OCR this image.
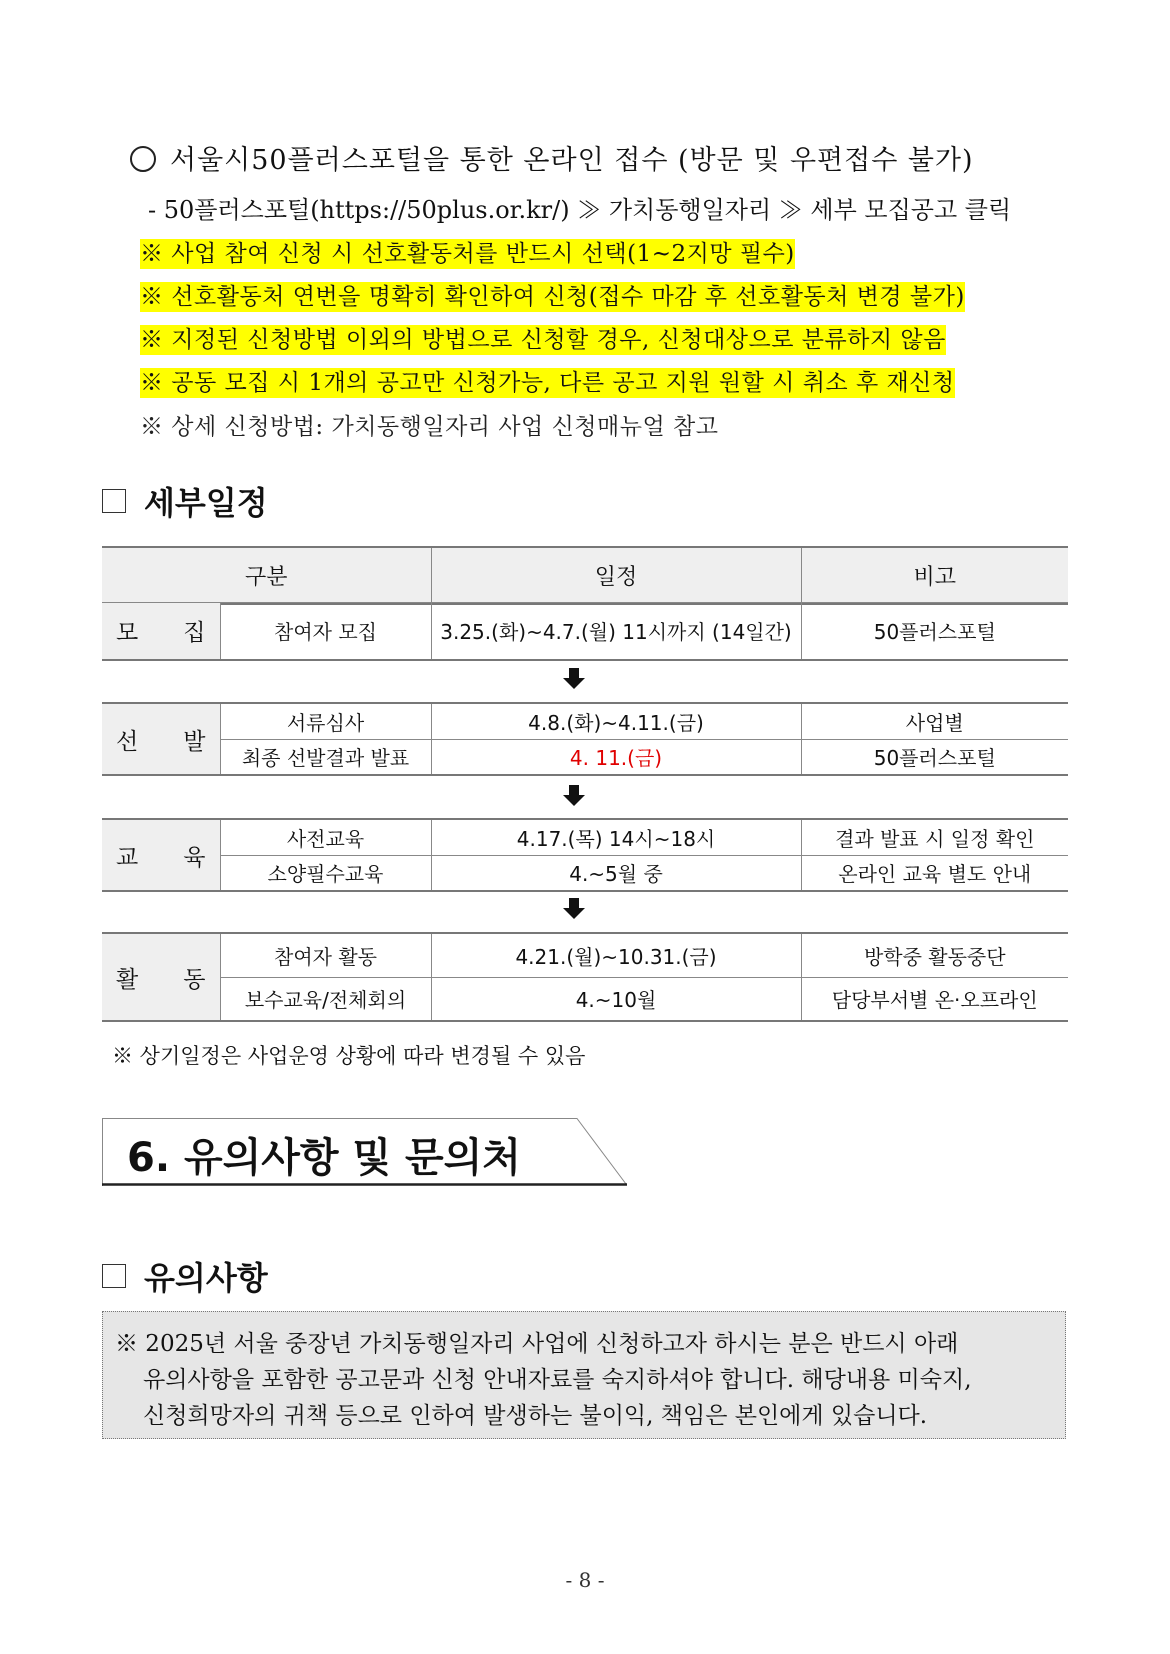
서울시50플러스포털을 통한 온라인 접수 (방문 및 우편접수 불가)
- 50플러스포털(https://50plus.or.kr/) ≫ 가치동행일자리 ≫ 세부 모집공고 클릭
※ 사업 참여 신청 시 선호활동처를 반드시 선택(1~2지망 필수)
※ 선호활동처 연번을 명확히 확인하여 신청(접수 마감 후 선호활동처 변경 불가)
※ 지정된 신청방법 이외의 방법으로 신청할 경우, 신청대상으로 분류하지 않음
※ 공동 모집 시 1개의 공고만 신청가능, 다른 공고 지원 원할 시 취소 후 재신청
※ 상세 신청방법: 가치동행일자리 사업 신청매뉴얼 참고
세부일정
구분	일정	비고
모 집	참여자 모집	3.25.(화)~4.7.(월) 11시까지 (14일간)	50플러스포털
선 발	서류심사	4.8.(화)~4.11.(금)	사업별
	최종 선발결과 발표	4. 11.(금)	50플러스포털
교 육	사전교육	4.17.(목) 14시~18시	결과 발표 시 일정 확인
	소양필수교육	4.~5월 중	온라인 교육 별도 안내
활 동	참여자 활동	4.21.(월)~10.31.(금)	방학중 활동중단
	보수교육/전체회의	4.~10월	담당부서별 온·오프라인
※ 상기일정은 사업운영 상황에 따라 변경될 수 있음
6. 유의사항 및 문의처
유의사항
※ 2025년 서울 중장년 가치동행일자리 사업에 신청하고자 하시는 분은 반드시 아래
유의사항을 포함한 공고문과 신청 안내자료를 숙지하셔야 합니다. 해당내용 미숙지,
신청희망자의 귀책 등으로 인하여 발생하는 불이익, 책임은 본인에게 있습니다.
- 8 -
